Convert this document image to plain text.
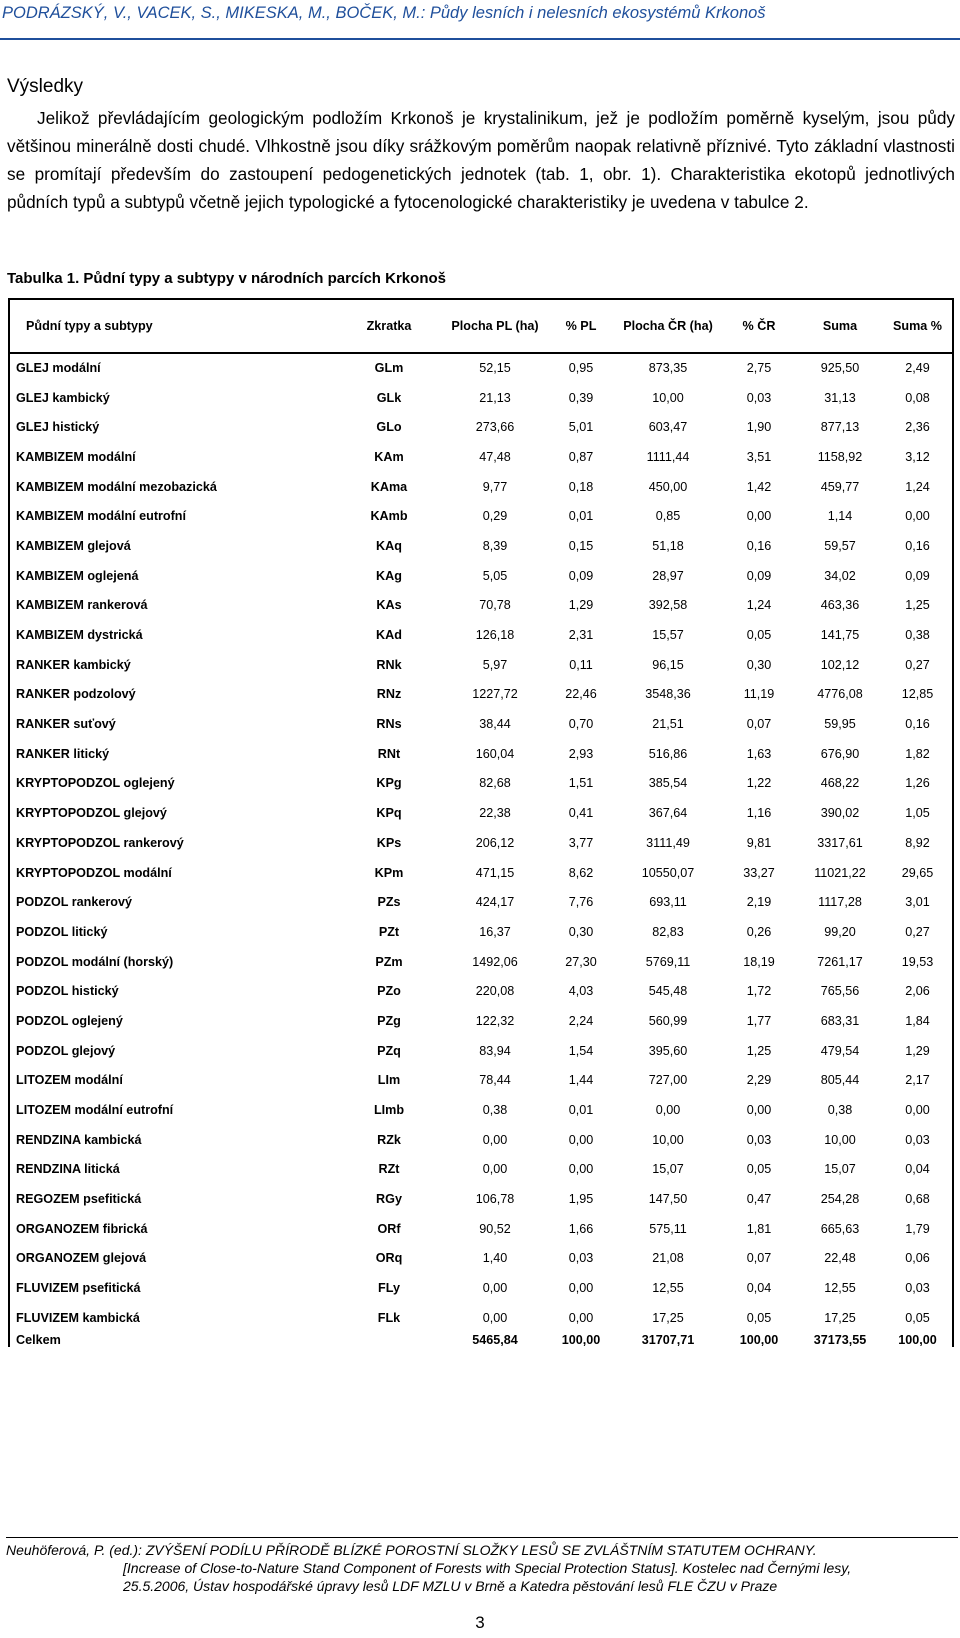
PODRÁZSKÝ, V., VACEK, S., MIKESKA, M., BOČEK, M.: Půdy lesních i nelesních ekosystémů Krkonoš
Výsledky
Jelikož převládajícím geologickým podložím Krkonoš je krystalinikum, jež je podložím poměrně kyselým, jsou půdy většinou minerálně dosti chudé. Vlhkostně jsou díky srážkovým poměrům naopak relativně příznivé. Tyto základní vlastnosti se promítají především do zastoupení pedogenetických jednotek (tab. 1, obr. 1). Charakteristika ekotopů jednotlivých půdních typů a subtypů včetně jejich typologické a fytocenologické charakteristiky je uvedena v tabulce 2.
Tabulka 1. Půdní typy a subtypy v národních parcích Krkonoš
Půdní typy a subtypy	Zkratka	Plocha PL (ha)	% PL	Plocha ČR (ha)	% ČR	Suma	Suma %
GLEJ modální	GLm	52,15	0,95	873,35	2,75	925,50	2,49
GLEJ kambický	GLk	21,13	0,39	10,00	0,03	31,13	0,08
GLEJ histický	GLo	273,66	5,01	603,47	1,90	877,13	2,36
KAMBIZEM modální	KAm	47,48	0,87	1111,44	3,51	1158,92	3,12
KAMBIZEM modální mezobazická	KAma	9,77	0,18	450,00	1,42	459,77	1,24
KAMBIZEM modální eutrofní	KAmb	0,29	0,01	0,85	0,00	1,14	0,00
KAMBIZEM glejová	KAq	8,39	0,15	51,18	0,16	59,57	0,16
KAMBIZEM oglejená	KAg	5,05	0,09	28,97	0,09	34,02	0,09
KAMBIZEM rankerová	KAs	70,78	1,29	392,58	1,24	463,36	1,25
KAMBIZEM dystrická	KAd	126,18	2,31	15,57	0,05	141,75	0,38
RANKER kambický	RNk	5,97	0,11	96,15	0,30	102,12	0,27
RANKER podzolový	RNz	1227,72	22,46	3548,36	11,19	4776,08	12,85
RANKER suťový	RNs	38,44	0,70	21,51	0,07	59,95	0,16
RANKER litický	RNt	160,04	2,93	516,86	1,63	676,90	1,82
KRYPTOPODZOL oglejený	KPg	82,68	1,51	385,54	1,22	468,22	1,26
KRYPTOPODZOL glejový	KPq	22,38	0,41	367,64	1,16	390,02	1,05
KRYPTOPODZOL rankerový	KPs	206,12	3,77	3111,49	9,81	3317,61	8,92
KRYPTOPODZOL modální	KPm	471,15	8,62	10550,07	33,27	11021,22	29,65
PODZOL rankerový	PZs	424,17	7,76	693,11	2,19	1117,28	3,01
PODZOL litický	PZt	16,37	0,30	82,83	0,26	99,20	0,27
PODZOL modální (horský)	PZm	1492,06	27,30	5769,11	18,19	7261,17	19,53
PODZOL histický	PZo	220,08	4,03	545,48	1,72	765,56	2,06
PODZOL oglejený	PZg	122,32	2,24	560,99	1,77	683,31	1,84
PODZOL glejový	PZq	83,94	1,54	395,60	1,25	479,54	1,29
LITOZEM modální	LIm	78,44	1,44	727,00	2,29	805,44	2,17
LITOZEM modální eutrofní	LImb	0,38	0,01	0,00	0,00	0,38	0,00
RENDZINA kambická	RZk	0,00	0,00	10,00	0,03	10,00	0,03
RENDZINA litická	RZt	0,00	0,00	15,07	0,05	15,07	0,04
REGOZEM psefitická	RGy	106,78	1,95	147,50	0,47	254,28	0,68
ORGANOZEM fibrická	ORf	90,52	1,66	575,11	1,81	665,63	1,79
ORGANOZEM glejová	ORq	1,40	0,03	21,08	0,07	22,48	0,06
FLUVIZEM psefitická	FLy	0,00	0,00	12,55	0,04	12,55	0,03
FLUVIZEM kambická	FLk	0,00	0,00	17,25	0,05	17,25	0,05
Celkem		5465,84	100,00	31707,71	100,00	37173,55	100,00
Neuhöferová, P. (ed.): ZVÝŠENÍ PODÍLU PŘÍRODĚ BLÍZKÉ POROSTNÍ SLOŽKY LESŮ SE ZVLÁŠTNÍM STATUTEM OCHRANY.
[Increase of Close-to-Nature Stand Component of Forests with Special Protection Status]. Kostelec nad Černými lesy,
25.5.2006, Ústav hospodářské úpravy lesů LDF MZLU v Brně a Katedra pěstování lesů FLE ČZU v Praze
3
